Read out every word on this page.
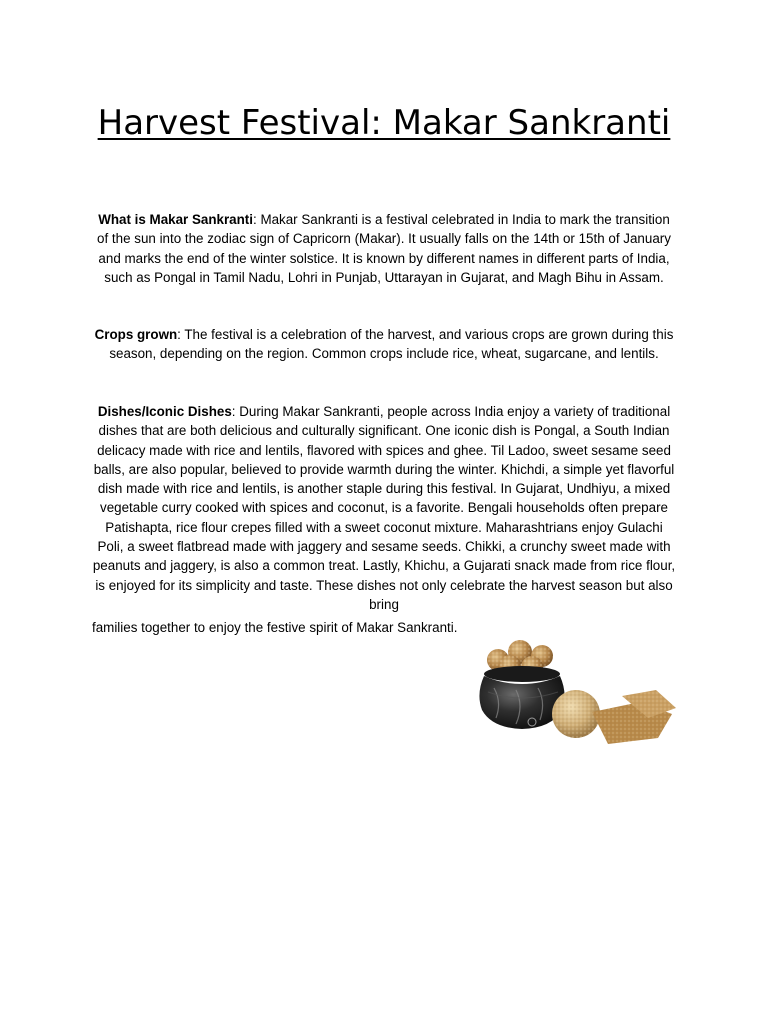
Harvest Festival: Makar Sankranti

What is Makar Sankranti: Makar Sankranti is a festival celebrated in India to mark the transition of the sun into the zodiac sign of Capricorn (Makar). It usually falls on the 14th or 15th of January and marks the end of the winter solstice. It is known by different names in different parts of India, such as Pongal in Tamil Nadu, Lohri in Punjab, Uttarayan in Gujarat, and Magh Bihu in Assam.

Crops grown: The festival is a celebration of the harvest, and various crops are grown during this season, depending on the region. Common crops include rice, wheat, sugarcane, and lentils.

Dishes/Iconic Dishes: During Makar Sankranti, people across India enjoy a variety of traditional dishes that are both delicious and culturally significant. One iconic dish is Pongal, a South Indian delicacy made with rice and lentils, flavored with spices and ghee. Til Ladoo, sweet sesame seed balls, are also popular, believed to provide warmth during the winter. Khichdi, a simple yet flavorful dish made with rice and lentils, is another staple during this festival. In Gujarat, Undhiyu, a mixed vegetable curry cooked with spices and coconut, is a favorite. Bengali households often prepare Patishapta, rice flour crepes filled with a sweet coconut mixture. Maharashtrians enjoy Gulachi Poli, a sweet flatbread made with jaggery and sesame seeds. Chikki, a crunchy sweet made with peanuts and jaggery, is also a common treat. Lastly, Khichu, a Gujarati snack made from rice flour, is enjoyed for its simplicity and taste. These dishes not only celebrate the harvest season but also bring

families together to enjoy the festive spirit of Makar Sankranti.
